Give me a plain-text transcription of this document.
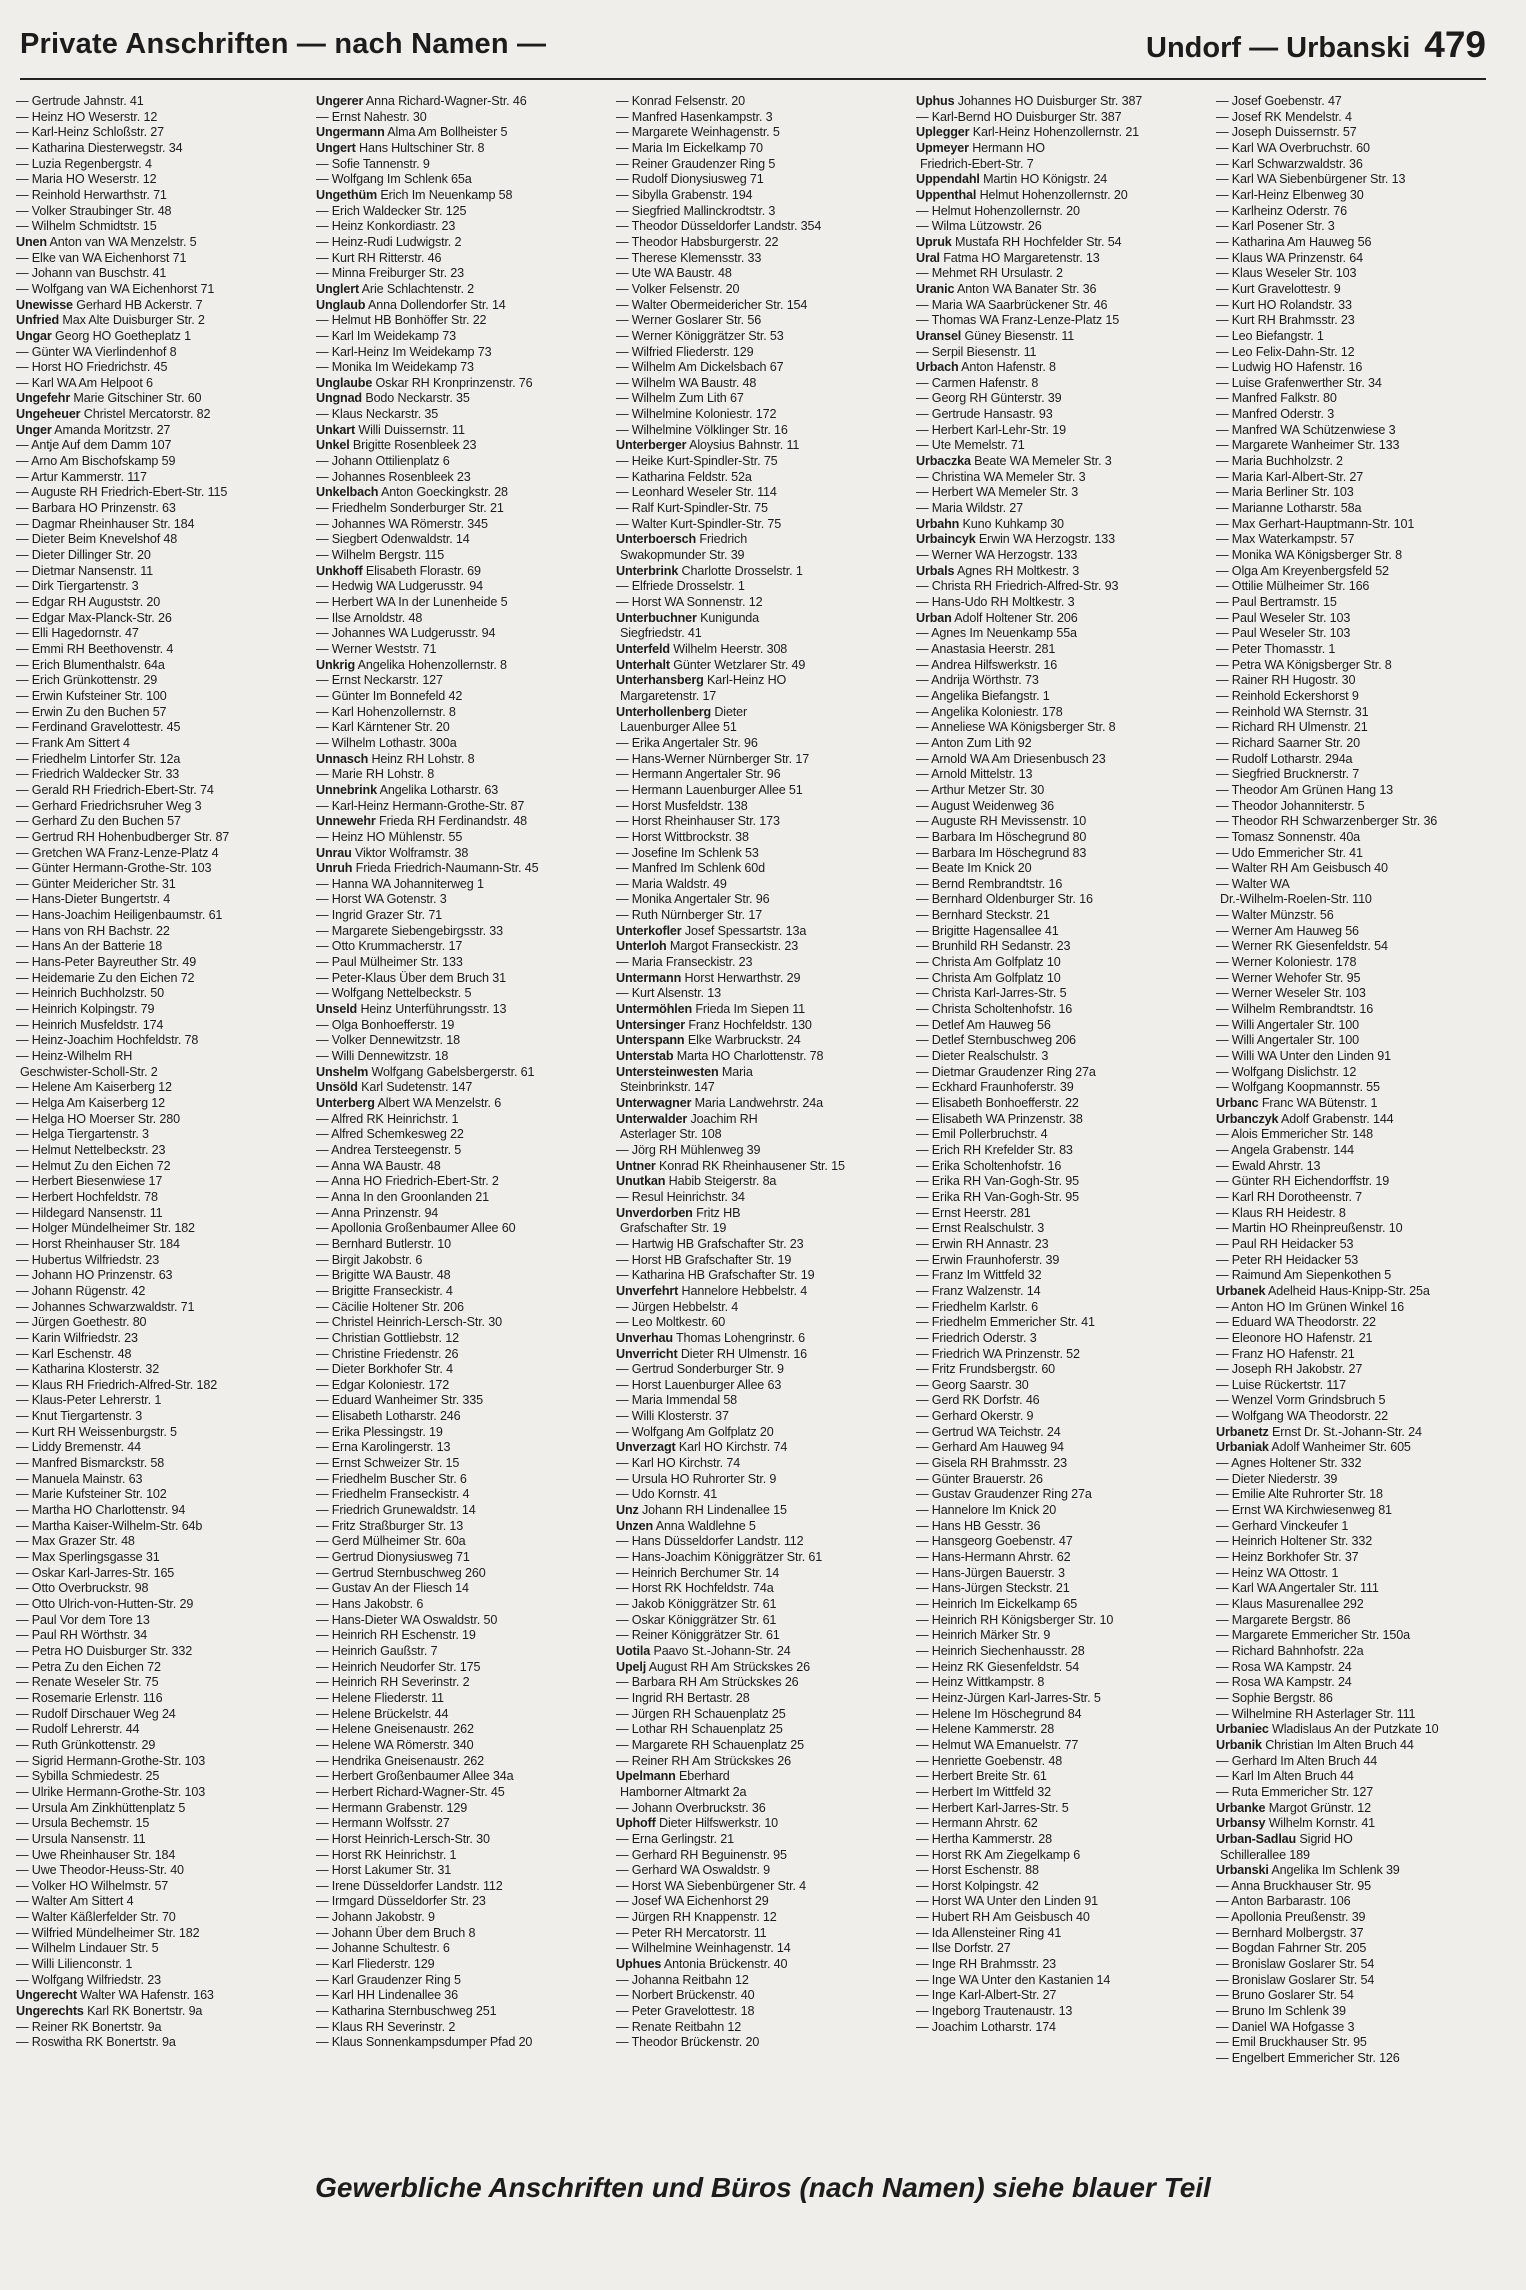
Private Anschriften — nach Namen —	Undorf — Urbanski 479
— Gertrude Jahnstr. 41
— Heinz HO Weserstr. 12
— Karl-Heinz Schloßstr. 27
— Katharina Diesterwegstr. 34
— Luzia Regenbergstr. 4
— Maria HO Weserstr. 12
— Reinhold Herwarthstr. 71
— Volker Straubinger Str. 48
— Wilhelm Schmidtstr. 15
Unen Anton van WA Menzelstr. 5
— Elke van WA Eichenhorst 71
— Johann van Buschstr. 41
— Wolfgang van WA Eichenhorst 71
Unewisse Gerhard HB Ackerstr. 7
Unfried Max Alte Duisburger Str. 2
Ungar Georg HO Goetheplatz 1
— Günter WA Vierlindenhof 8
— Horst HO Friedrichstr. 45
— Karl WA Am Helpoot 6
Ungefehr Marie Gitschiner Str. 60
Ungeheuer Christel Mercatorstr. 82
Unger Amanda Moritzstr. 27
— Antje Auf dem Damm 107
— Arno Am Bischofskamp 59
— Artur Kammerstr. 117
— Auguste RH Friedrich-Ebert-Str. 115
— Barbara HO Prinzenstr. 63
— Dagmar Rheinhauser Str. 184
— Dieter Beim Knevelshof 48
— Dieter Dillinger Str. 20
— Dietmar Nansenstr. 11
— Dirk Tiergartenstr. 3
— Edgar RH Auguststr. 20
— Edgar Max-Planck-Str. 26
— Elli Hagedornstr. 47
— Emmi RH Beethovenstr. 4
— Erich Blumenthalstr. 64a
— Erich Grünkottenstr. 29
— Erwin Kufsteiner Str. 100
— Erwin Zu den Buchen 57
— Ferdinand Gravelottestr. 45
— Frank Am Sittert 4
— Friedhelm Lintorfer Str. 12a
— Friedrich Waldecker Str. 33
— Gerald RH Friedrich-Ebert-Str. 74
— Gerhard Friedrichsruher Weg 3
— Gerhard Zu den Buchen 57
— Gertrud RH Hohenbudberger Str. 87
— Gretchen WA Franz-Lenze-Platz 4
— Günter Hermann-Grothe-Str. 103
— Günter Meidericher Str. 31
— Hans-Dieter Bungertstr. 4
— Hans-Joachim Heiligenbaumstr. 61
— Hans von RH Bachstr. 22
— Hans An der Batterie 18
— Hans-Peter Bayreuther Str. 49
— Heidemarie Zu den Eichen 72
— Heinrich Buchholzstr. 50
— Heinrich Kolpingstr. 79
— Heinrich Musfeldstr. 174
— Heinz-Joachim Hochfeldstr. 78
— Heinz-Wilhelm RH
Geschwister-Scholl-Str. 2
— Helene Am Kaiserberg 12
— Helga Am Kaiserberg 12
— Helga HO Moerser Str. 280
— Helga Tiergartenstr. 3
— Helmut Nettelbeckstr. 23
— Helmut Zu den Eichen 72
— Herbert Biesenwiese 17
— Herbert Hochfeldstr. 78
— Hildegard Nansenstr. 11
— Holger Mündelheimer Str. 182
— Horst Rheinhauser Str. 184
— Hubertus Wilfriedstr. 23
— Johann HO Prinzenstr. 63
— Johann Rügenstr. 42
— Johannes Schwarzwaldstr. 71
— Jürgen Goethestr. 80
— Karin Wilfriedstr. 23
— Karl Eschenstr. 48
— Katharina Klosterstr. 32
— Klaus RH Friedrich-Alfred-Str. 182
— Klaus-Peter Lehrerstr. 1
— Knut Tiergartenstr. 3
— Kurt RH Weissenburgstr. 5
— Liddy Bremenstr. 44
— Manfred Bismarckstr. 58
— Manuela Mainstr. 63
— Marie Kufsteiner Str. 102
— Martha HO Charlottenstr. 94
— Martha Kaiser-Wilhelm-Str. 64b
— Max Grazer Str. 48
— Max Sperlingsgasse 31
— Oskar Karl-Jarres-Str. 165
— Otto Overbruckstr. 98
— Otto Ulrich-von-Hutten-Str. 29
— Paul Vor dem Tore 13
— Paul RH Wörthstr. 34
— Petra HO Duisburger Str. 332
— Petra Zu den Eichen 72
— Renate Weseler Str. 75
— Rosemarie Erlenstr. 116
— Rudolf Dirschauer Weg 24
— Rudolf Lehrerstr. 44
— Ruth Grünkottenstr. 29
— Sigrid Hermann-Grothe-Str. 103
— Sybilla Schmiedestr. 25
— Ulrike Hermann-Grothe-Str. 103
— Ursula Am Zinkhüttenplatz 5
— Ursula Bechemstr. 15
— Ursula Nansenstr. 11
— Uwe Rheinhauser Str. 184
— Uwe Theodor-Heuss-Str. 40
— Volker HO Wilhelmstr. 57
— Walter Am Sittert 4
— Walter Käßlerfelder Str. 70
— Wilfried Mündelheimer Str. 182
— Wilhelm Lindauer Str. 5
— Willi Lilienconstr. 1
— Wolfgang Wilfriedstr. 23
Ungerecht Walter WA Hafenstr. 163
Ungerechts Karl RK Bonertstr. 9a
— Reiner RK Bonertstr. 9a
— Roswitha RK Bonertstr. 9a
Ungerer Anna Richard-Wagner-Str. 46
— Ernst Nahestr. 30
Ungermann Alma Am Bollheister 5
Ungert Hans Hultschiner Str. 8
— Sofie Tannenstr. 9
— Wolfgang Im Schlenk 65a
Ungethüm Erich Im Neuenkamp 58
— Erich Waldecker Str. 125
— Heinz Konkordiastr. 23
— Heinz-Rudi Ludwigstr. 2
— Kurt RH Ritterstr. 46
— Minna Freiburger Str. 23
Unglert Arie Schlachtenstr. 2
Unglaub Anna Dollendorfer Str. 14
— Helmut HB Bonhöffer Str. 22
— Karl Im Weidekamp 73
— Karl-Heinz Im Weidekamp 73
— Monika Im Weidekamp 73
Unglaube Oskar RH Kronprinzenstr. 76
Ungnad Bodo Neckarstr. 35
— Klaus Neckarstr. 35
Unkart Willi Duissernstr. 11
Unkel Brigitte Rosenbleek 23
— Johann Ottilienplatz 6
— Johannes Rosenbleek 23
Unkelbach Anton Goeckingkstr. 28
— Friedhelm Sonderburger Str. 21
— Johannes WA Römerstr. 345
— Siegbert Odenwaldstr. 14
— Wilhelm Bergstr. 115
Unkhoff Elisabeth Florastr. 69
— Hedwig WA Ludgerusstr. 94
— Herbert WA In der Lunenheide 5
— Ilse Arnoldstr. 48
— Johannes WA Ludgerusstr. 94
— Werner Weststr. 71
Unkrig Angelika Hohenzollernstr. 8
— Ernst Neckarstr. 127
— Günter Im Bonnefeld 42
— Karl Hohenzollernstr. 8
— Karl Kärntener Str. 20
— Wilhelm Lothastr. 300a
Unnasch Heinz RH Lohstr. 8
— Marie RH Lohstr. 8
Unnebrink Angelika Lotharstr. 63
— Karl-Heinz Hermann-Grothe-Str. 87
Unnewehr Frieda RH Ferdinandstr. 48
— Heinz HO Mühlenstr. 55
Unrau Viktor Wolframstr. 38
Unruh Frieda Friedrich-Naumann-Str. 45
— Hanna WA Johanniterweg 1
— Horst WA Gotenstr. 3
— Ingrid Grazer Str. 71
— Margarete Siebengebirgsstr. 33
— Otto Krummacherstr. 17
— Paul Mülheimer Str. 133
— Peter-Klaus Über dem Bruch 31
— Wolfgang Nettelbeckstr. 5
Unseld Heinz Unterführungsstr. 13
— Olga Bonhoefferstr. 19
— Volker Dennewitzstr. 18
— Willi Dennewitzstr. 18
Unshelm Wolfgang Gabelsbergerstr. 61
Unsöld Karl Sudetenstr. 147
Unterberg Albert WA Menzelstr. 6
— Alfred RK Heinrichstr. 1
— Alfred Schemkesweg 22
— Andrea Tersteegenstr. 5
— Anna WA Baustr. 48
— Anna HO Friedrich-Ebert-Str. 2
— Anna In den Groonlanden 21
— Anna Prinzenstr. 94
— Apollonia Großenbaumer Allee 60
— Bernhard Butlerstr. 10
— Birgit Jakobstr. 6
— Brigitte WA Baustr. 48
— Brigitte Franseckistr. 4
— Cäcilie Holtener Str. 206
— Christel Heinrich-Lersch-Str. 30
— Christian Gottliebstr. 12
— Christine Friedenstr. 26
— Dieter Borkhofer Str. 4
— Edgar Koloniestr. 172
— Eduard Wanheimer Str. 335
— Elisabeth Lotharstr. 246
— Erika Plessingstr. 19
— Erna Karolingerstr. 13
— Ernst Schweizer Str. 15
— Friedhelm Buscher Str. 6
— Friedhelm Franseckistr. 4
— Friedrich Grunewaldstr. 14
— Fritz Straßburger Str. 13
— Gerd Mülheimer Str. 60a
— Gertrud Dionysiusweg 71
— Gertrud Sternbuschweg 260
— Gustav An der Fliesch 14
— Hans Jakobstr. 6
— Hans-Dieter WA Oswaldstr. 50
— Heinrich RH Eschenstr. 19
— Heinrich Gaußstr. 7
— Heinrich Neudorfer Str. 175
— Heinrich RH Severinstr. 2
— Helene Fliederstr. 11
— Helene Brückelstr. 44
— Helene Gneisenaustr. 262
— Helene WA Römerstr. 340
— Hendrika Gneisenaustr. 262
— Herbert Großenbaumer Allee 34a
— Herbert Richard-Wagner-Str. 45
— Hermann Grabenstr. 129
— Hermann Wolfsstr. 27
— Horst Heinrich-Lersch-Str. 30
— Horst RK Heinrichstr. 1
— Horst Lakumer Str. 31
— Irene Düsseldorfer Landstr. 112
— Irmgard Düsseldorfer Str. 23
— Johann Jakobstr. 9
— Johann Über dem Bruch 8
— Johanne Schultestr. 6
— Karl Fliederstr. 129
— Karl Graudenzer Ring 5
— Karl HH Lindenallee 36
— Katharina Sternbuschweg 251
— Klaus RH Severinstr. 2
— Klaus Sonnenkampsdumper Pfad 20
— Konrad Felsenstr. 20
— Manfred Hasenkampstr. 3
— Margarete Weinhagenstr. 5
— Maria Im Eickelkamp 70
— Reiner Graudenzer Ring 5
— Rudolf Dionysiusweg 71
— Sibylla Grabenstr. 194
— Siegfried Mallinckrodtstr. 3
— Theodor Düsseldorfer Landstr. 354
— Theodor Habsburgerstr. 22
— Therese Klemensstr. 33
— Ute WA Baustr. 48
— Volker Felsenstr. 20
— Walter Obermeidericher Str. 154
— Werner Goslarer Str. 56
— Werner Königgrätzer Str. 53
— Wilfried Fliederstr. 129
— Wilhelm Am Dickelsbach 67
— Wilhelm WA Baustr. 48
— Wilhelm Zum Lith 67
— Wilhelmine Koloniestr. 172
— Wilhelmine Völklinger Str. 16
Unterberger Aloysius Bahnstr. 11
— Heike Kurt-Spindler-Str. 75
— Katharina Feldstr. 52a
— Leonhard Weseler Str. 114
— Ralf Kurt-Spindler-Str. 75
— Walter Kurt-Spindler-Str. 75
Unterboersch Friedrich
Swakopmunder Str. 39
Unterbrink Charlotte Drosselstr. 1
— Elfriede Drosselstr. 1
— Horst WA Sonnenstr. 12
Unterbuchner Kunigunda
Siegfriedstr. 41
Unterfeld Wilhelm Heerstr. 308
Unterhalt Günter Wetzlarer Str. 49
Unterhansberg Karl-Heinz HO
Margaretenstr. 17
Unterhollenberg Dieter
Lauenburger Allee 51
— Erika Angertaler Str. 96
— Hans-Werner Nürnberger Str. 17
— Hermann Angertaler Str. 96
— Hermann Lauenburger Allee 51
— Horst Musfeldstr. 138
— Horst Rheinhauser Str. 173
— Horst Wittbrockstr. 38
— Josefine Im Schlenk 53
— Manfred Im Schlenk 60d
— Maria Waldstr. 49
— Monika Angertaler Str. 96
— Ruth Nürnberger Str. 17
Unterkofler Josef Spessartstr. 13a
Unterloh Margot Franseckistr. 23
— Maria Franseckistr. 23
Untermann Horst Herwarthstr. 29
— Kurt Alsenstr. 13
Untermöhlen Frieda Im Siepen 11
Untersinger Franz Hochfeldstr. 130
Unterspann Elke Warbruckstr. 24
Unterstab Marta HO Charlottenstr. 78
Untersteinwesten Maria
Steinbrinkstr. 147
Unterwagner Maria Landwehrstr. 24a
Unterwalder Joachim RH
Asterlager Str. 108
— Jörg RH Mühlenweg 39
Untner Konrad RK Rheinhausener Str. 15
Unutkan Habib Steigerstr. 8a
— Resul Heinrichstr. 34
Unverdorben Fritz HB
Grafschafter Str. 19
— Hartwig HB Grafschafter Str. 23
— Horst HB Grafschafter Str. 19
— Katharina HB Grafschafter Str. 19
Unverfehrt Hannelore Hebbelstr. 4
— Jürgen Hebbelstr. 4
— Leo Moltkestr. 60
Unverhau Thomas Lohengrinstr. 6
Unverricht Dieter RH Ulmenstr. 16
— Gertrud Sonderburger Str. 9
— Horst Lauenburger Allee 63
— Maria Immendal 58
— Willi Klosterstr. 37
— Wolfgang Am Golfplatz 20
Unverzagt Karl HO Kirchstr. 74
— Karl HO Kirchstr. 74
— Ursula HO Ruhrorter Str. 9
— Udo Kornstr. 41
Unz Johann RH Lindenallee 15
Unzen Anna Waldlehne 5
— Hans Düsseldorfer Landstr. 112
— Hans-Joachim Königgrätzer Str. 61
— Heinrich Berchumer Str. 14
— Horst RK Hochfeldstr. 74a
— Jakob Königgrätzer Str. 61
— Oskar Königgrätzer Str. 61
— Reiner Königgrätzer Str. 61
Uotila Paavo St.-Johann-Str. 24
Upelj August RH Am Strückskes 26
— Barbara RH Am Strückskes 26
— Ingrid RH Bertastr. 28
— Jürgen RH Schauenplatz 25
— Lothar RH Schauenplatz 25
— Margarete RH Schauenplatz 25
— Reiner RH Am Strückskes 26
Upelmann Eberhard
Hamborner Altmarkt 2a
— Johann Overbruckstr. 36
Uphoff Dieter Hilfswerkstr. 10
— Erna Gerlingstr. 21
— Gerhard RH Beguinenstr. 95
— Gerhard WA Oswaldstr. 9
— Horst WA Siebenbürgener Str. 4
— Josef WA Eichenhorst 29
— Jürgen RH Knappenstr. 12
— Peter RH Mercatorstr. 11
— Wilhelmine Weinhagenstr. 14
Uphues Antonia Brückenstr. 40
— Johanna Reitbahn 12
— Norbert Brückenstr. 40
— Peter Gravelottestr. 18
— Renate Reitbahn 12
— Theodor Brückenstr. 20
Uphus Johannes HO Duisburger Str. 387
— Karl-Bernd HO Duisburger Str. 387
Uplegger Karl-Heinz Hohenzollernstr. 21
Upmeyer Hermann HO
Friedrich-Ebert-Str. 7
Uppendahl Martin HO Königstr. 24
Uppenthal Helmut Hohenzollernstr. 20
— Helmut Hohenzollernstr. 20
— Wilma Lützowstr. 26
Upruk Mustafa RH Hochfelder Str. 54
Ural Fatma HO Margaretenstr. 13
— Mehmet RH Ursulastr. 2
Uranic Anton WA Banater Str. 36
— Maria WA Saarbrückener Str. 46
— Thomas WA Franz-Lenze-Platz 15
Uransel Güney Biesenstr. 11
— Serpil Biesenstr. 11
Urbach Anton Hafenstr. 8
— Carmen Hafenstr. 8
— Georg RH Günterstr. 39
— Gertrude Hansastr. 93
— Herbert Karl-Lehr-Str. 19
— Ute Memelstr. 71
Urbaczka Beate WA Memeler Str. 3
— Christina WA Memeler Str. 3
— Herbert WA Memeler Str. 3
— Maria Wildstr. 27
Urbahn Kuno Kuhkamp 30
Urbaincyk Erwin WA Herzogstr. 133
— Werner WA Herzogstr. 133
Urbals Agnes RH Moltkestr. 3
— Christa RH Friedrich-Alfred-Str. 93
— Hans-Udo RH Moltkestr. 3
Urban Adolf Holtener Str. 206
— Agnes Im Neuenkamp 55a
— Anastasia Heerstr. 281
— Andrea Hilfswerkstr. 16
— Andrija Wörthstr. 73
— Angelika Biefangstr. 1
— Angelika Koloniestr. 178
— Anneliese WA Königsberger Str. 8
— Anton Zum Lith 92
— Arnold WA Am Driesenbusch 23
— Arnold Mittelstr. 13
— Arthur Metzer Str. 30
— August Weidenweg 36
— Auguste RH Mevissenstr. 10
— Barbara Im Höschegrund 80
— Barbara Im Höschegrund 83
— Beate Im Knick 20
— Bernd Rembrandtstr. 16
— Bernhard Oldenburger Str. 16
— Bernhard Steckstr. 21
— Brigitte Hagensallee 41
— Brunhild RH Sedanstr. 23
— Christa Am Golfplatz 10
— Christa Am Golfplatz 10
— Christa Karl-Jarres-Str. 5
— Christa Scholtenhofstr. 16
— Detlef Am Hauweg 56
— Detlef Sternbuschweg 206
— Dieter Realschulstr. 3
— Dietmar Graudenzer Ring 27a
— Eckhard Fraunhoferstr. 39
— Elisabeth Bonhoefferstr. 22
— Elisabeth WA Prinzenstr. 38
— Emil Pollerbruchstr. 4
— Erich RH Krefelder Str. 83
— Erika Scholtenhofstr. 16
— Erika RH Van-Gogh-Str. 95
— Erika RH Van-Gogh-Str. 95
— Ernst Heerstr. 281
— Ernst Realschulstr. 3
— Erwin RH Annastr. 23
— Erwin Fraunhoferstr. 39
— Franz Im Wittfeld 32
— Franz Walzenstr. 14
— Friedhelm Karlstr. 6
— Friedhelm Emmericher Str. 41
— Friedrich Oderstr. 3
— Friedrich WA Prinzenstr. 52
— Fritz Frundsbergstr. 60
— Georg Saarstr. 30
— Gerd RK Dorfstr. 46
— Gerhard Okerstr. 9
— Gertrud WA Teichstr. 24
— Gerhard Am Hauweg 94
— Gisela RH Brahmsstr. 23
— Günter Brauerstr. 26
— Gustav Graudenzer Ring 27a
— Hannelore Im Knick 20
— Hans HB Gesstr. 36
— Hansgeorg Goebenstr. 47
— Hans-Hermann Ahrstr. 62
— Hans-Jürgen Bauerstr. 3
— Hans-Jürgen Steckstr. 21
— Heinrich Im Eickelkamp 65
— Heinrich RH Königsberger Str. 10
— Heinrich Märker Str. 9
— Heinrich Siechenhausstr. 28
— Heinz RK Giesenfeldstr. 54
— Heinz Wittkampstr. 8
— Heinz-Jürgen Karl-Jarres-Str. 5
— Helene Im Höschegrund 84
— Helene Kammerstr. 28
— Helmut WA Emanuelstr. 77
— Henriette Goebenstr. 48
— Herbert Breite Str. 61
— Herbert Im Wittfeld 32
— Herbert Karl-Jarres-Str. 5
— Hermann Ahrstr. 62
— Hertha Kammerstr. 28
— Horst RK Am Ziegelkamp 6
— Horst Eschenstr. 88
— Horst Kolpingstr. 42
— Horst WA Unter den Linden 91
— Hubert RH Am Geisbusch 40
— Ida Allensteiner Ring 41
— Ilse Dorfstr. 27
— Inge RH Brahmsstr. 23
— Inge WA Unter den Kastanien 14
— Inge Karl-Albert-Str. 27
— Ingeborg Trautenaustr. 13
— Joachim Lotharstr. 174
— Josef Goebenstr. 47
— Josef RK Mendelstr. 4
— Joseph Duissernstr. 57
— Karl WA Overbruchstr. 60
— Karl Schwarzwaldstr. 36
— Karl WA Siebenbürgener Str. 13
— Karl-Heinz Elbenweg 30
— Karlheinz Oderstr. 76
— Karl Posener Str. 3
— Katharina Am Hauweg 56
— Klaus WA Prinzenstr. 64
— Klaus Weseler Str. 103
— Kurt Gravelottestr. 9
— Kurt HO Rolandstr. 33
— Kurt RH Brahmsstr. 23
— Leo Biefangstr. 1
— Leo Felix-Dahn-Str. 12
— Ludwig HO Hafenstr. 16
— Luise Grafenwerther Str. 34
— Manfred Falkstr. 80
— Manfred Oderstr. 3
— Manfred WA Schützenwiese 3
— Margarete Wanheimer Str. 133
— Maria Buchholzstr. 2
— Maria Karl-Albert-Str. 27
— Maria Berliner Str. 103
— Marianne Lotharstr. 58a
— Max Gerhart-Hauptmann-Str. 101
— Max Waterkampstr. 57
— Monika WA Königsberger Str. 8
— Olga Am Kreyenbergsfeld 52
— Ottilie Mülheimer Str. 166
— Paul Bertramstr. 15
— Paul Weseler Str. 103
— Paul Weseler Str. 103
— Peter Thomasstr. 1
— Petra WA Königsberger Str. 8
— Rainer RH Hugostr. 30
— Reinhold Eckershorst 9
— Reinhold WA Sternstr. 31
— Richard RH Ulmenstr. 21
— Richard Saarner Str. 20
— Rudolf Lotharstr. 294a
— Siegfried Brucknerstr. 7
— Theodor Am Grünen Hang 13
— Theodor Johanniterstr. 5
— Theodor RH Schwarzenberger Str. 36
— Tomasz Sonnenstr. 40a
— Udo Emmericher Str. 41
— Walter RH Am Geisbusch 40
— Walter WA
Dr.-Wilhelm-Roelen-Str. 110
— Walter Münzstr. 56
— Werner Am Hauweg 56
— Werner RK Giesenfeldstr. 54
— Werner Koloniestr. 178
— Werner Wehofer Str. 95
— Werner Weseler Str. 103
— Wilhelm Rembrandtstr. 16
— Willi Angertaler Str. 100
— Willi Angertaler Str. 100
— Willi WA Unter den Linden 91
— Wolfgang Dislichstr. 12
— Wolfgang Koopmannstr. 55
Urbanc Franc WA Bütenstr. 1
Urbanczyk Adolf Grabenstr. 144
— Alois Emmericher Str. 148
— Angela Grabenstr. 144
— Ewald Ahrstr. 13
— Günter RH Eichendorffstr. 19
— Karl RH Dorotheenstr. 7
— Klaus RH Heidestr. 8
— Martin HO Rheinpreußenstr. 10
— Paul RH Heidacker 53
— Peter RH Heidacker 53
— Raimund Am Siepenkothen 5
Urbanek Adelheid Haus-Knipp-Str. 25a
— Anton HO Im Grünen Winkel 16
— Eduard WA Theodorstr. 22
— Eleonore HO Hafenstr. 21
— Franz HO Hafenstr. 21
— Joseph RH Jakobstr. 27
— Luise Rückertstr. 117
— Wenzel Vorm Grindsbruch 5
— Wolfgang WA Theodorstr. 22
Urbanetz Ernst Dr. St.-Johann-Str. 24
Urbaniak Adolf Wanheimer Str. 605
— Agnes Holtener Str. 332
— Dieter Niederstr. 39
— Emilie Alte Ruhrorter Str. 18
— Ernst WA Kirchwiesenweg 81
— Gerhard Vinckeufer 1
— Heinrich Holtener Str. 332
— Heinz Borkhofer Str. 37
— Heinz WA Ottostr. 1
— Karl WA Angertaler Str. 111
— Klaus Masurenallee 292
— Margarete Bergstr. 86
— Margarete Emmericher Str. 150a
— Richard Bahnhofstr. 22a
— Rosa WA Kampstr. 24
— Rosa WA Kampstr. 24
— Sophie Bergstr. 86
— Wilhelmine RH Asterlager Str. 111
Urbaniec Wladislaus An der Putzkate 10
Urbanik Christian Im Alten Bruch 44
— Gerhard Im Alten Bruch 44
— Karl Im Alten Bruch 44
— Ruta Emmericher Str. 127
Urbanke Margot Grünstr. 12
Urbansy Wilhelm Kornstr. 41
Urban-Sadlau Sigrid HO
Schillerallee 189
Urbanski Angelika Im Schlenk 39
— Anna Bruckhauser Str. 95
— Anton Barbarastr. 106
— Apollonia Preußenstr. 39
— Bernhard Molbergstr. 37
— Bogdan Fahrner Str. 205
— Bronislaw Goslarer Str. 54
— Bronislaw Goslarer Str. 54
— Bruno Goslarer Str. 54
— Bruno Im Schlenk 39
— Daniel WA Hofgasse 3
— Emil Bruckhauser Str. 95
— Engelbert Emmericher Str. 126
Gewerbliche Anschriften und Büros (nach Namen) siehe blauer Teil
